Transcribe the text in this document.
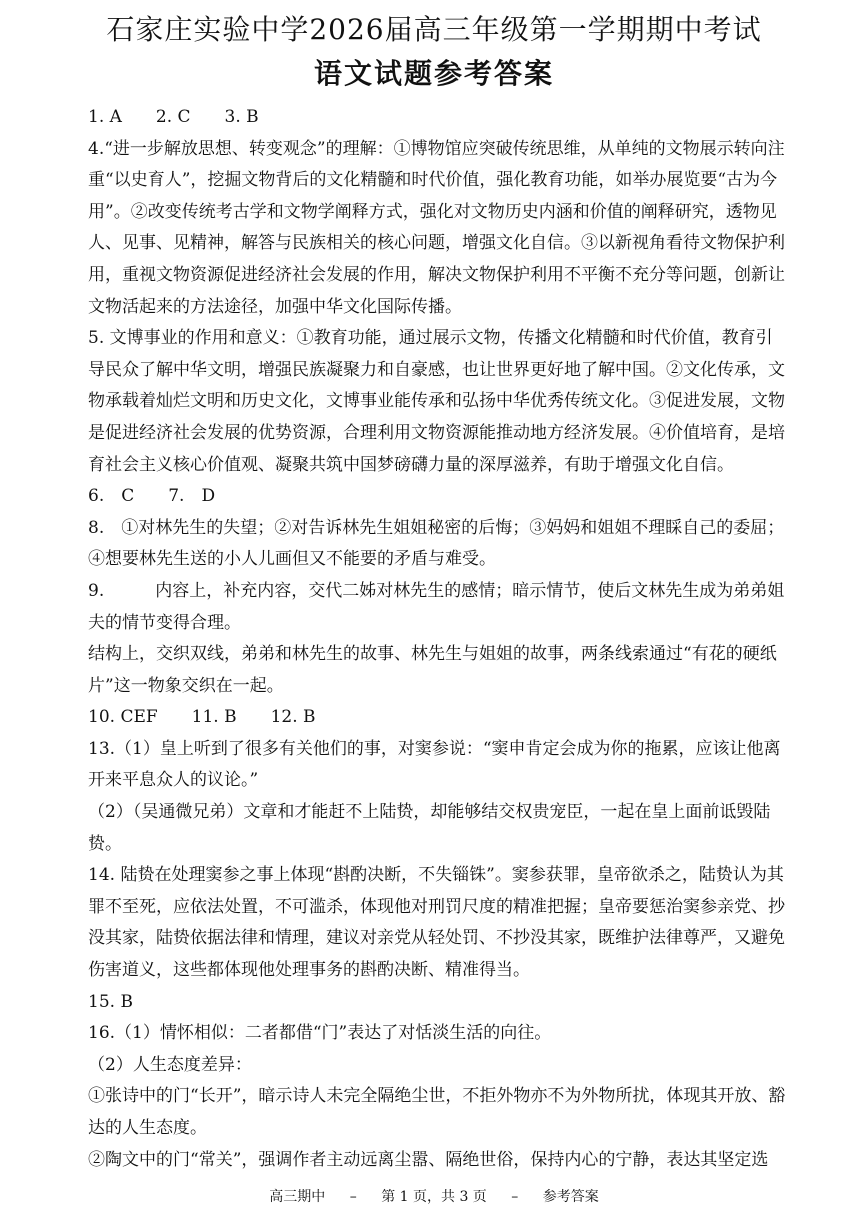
石家庄实验中学2026届高三年级第一学期期中考试
语文试题参考答案

1. A　　2. C　　3. B

4.“进一步解放思想、转变观念”的理解：①博物馆应突破传统思维，从单纯的文物展示转向注重“以史育人”，挖掘文物背后的文化精髓和时代价值，强化教育功能，如举办展览要“古为今用”。②改变传统考古学和文物学阐释方式，强化对文物历史内涵和价值的阐释研究，透物见人、见事、见精神，解答与民族相关的核心问题，增强文化自信。③以新视角看待文物保护利用，重视文物资源促进经济社会发展的作用，解决文物保护利用不平衡不充分等问题，创新让文物活起来的方法途径，加强中华文化国际传播。

5. 文博事业的作用和意义：①教育功能，通过展示文物，传播文化精髓和时代价值，教育引导民众了解中华文明，增强民族凝聚力和自豪感，也让世界更好地了解中国。②文化传承，文物承载着灿烂文明和历史文化，文博事业能传承和弘扬中华优秀传统文化。③促进发展，文物是促进经济社会发展的优势资源，合理利用文物资源能推动地方经济发展。④价值培育，是培育社会主义核心价值观、凝聚共筑中国梦磅礴力量的深厚滋养，有助于增强文化自信。

6.　C　　7.　D

8.　①对林先生的失望；②对告诉林先生姐姐秘密的后悔；③妈妈和姐姐不理睬自己的委屈；④想要林先生送的小人儿画但又不能要的矛盾与难受。

9.　　　内容上，补充内容，交代二姊对林先生的感情；暗示情节，使后文林先生成为弟弟姐夫的情节变得合理。

结构上，交织双线，弟弟和林先生的故事、林先生与姐姐的故事，两条线索通过“有花的硬纸片”这一物象交织在一起。

10. CEF　　11. B　　12. B

13.（1）皇上听到了很多有关他们的事，对窦参说：“窦申肯定会成为你的拖累，应该让他离开来平息众人的议论。”

（2）（吴通微兄弟）文章和才能赶不上陆贽，却能够结交权贵宠臣，一起在皇上面前诋毁陆贽。

14. 陆贽在处理窦参之事上体现“斟酌决断，不失锱铢”。窦参获罪，皇帝欲杀之，陆贽认为其罪不至死，应依法处置，不可滥杀，体现他对刑罚尺度的精准把握；皇帝要惩治窦参亲党、抄没其家，陆贽依据法律和情理，建议对亲党从轻处罚、不抄没其家，既维护法律尊严，又避免伤害道义，这些都体现他处理事务的斟酌决断、精准得当。

15. B

16.（1）情怀相似：二者都借“门”表达了对恬淡生活的向往。

（2）人生态度差异：

①张诗中的门“长开”，暗示诗人未完全隔绝尘世，不拒外物亦不为外物所扰，体现其开放、豁达的人生态度。

②陶文中的门“常关”，强调作者主动远离尘嚣、隔绝世俗，保持内心的宁静，表达其坚定选

高三期中 – 第 1 页，共 3 页 – 参考答案
